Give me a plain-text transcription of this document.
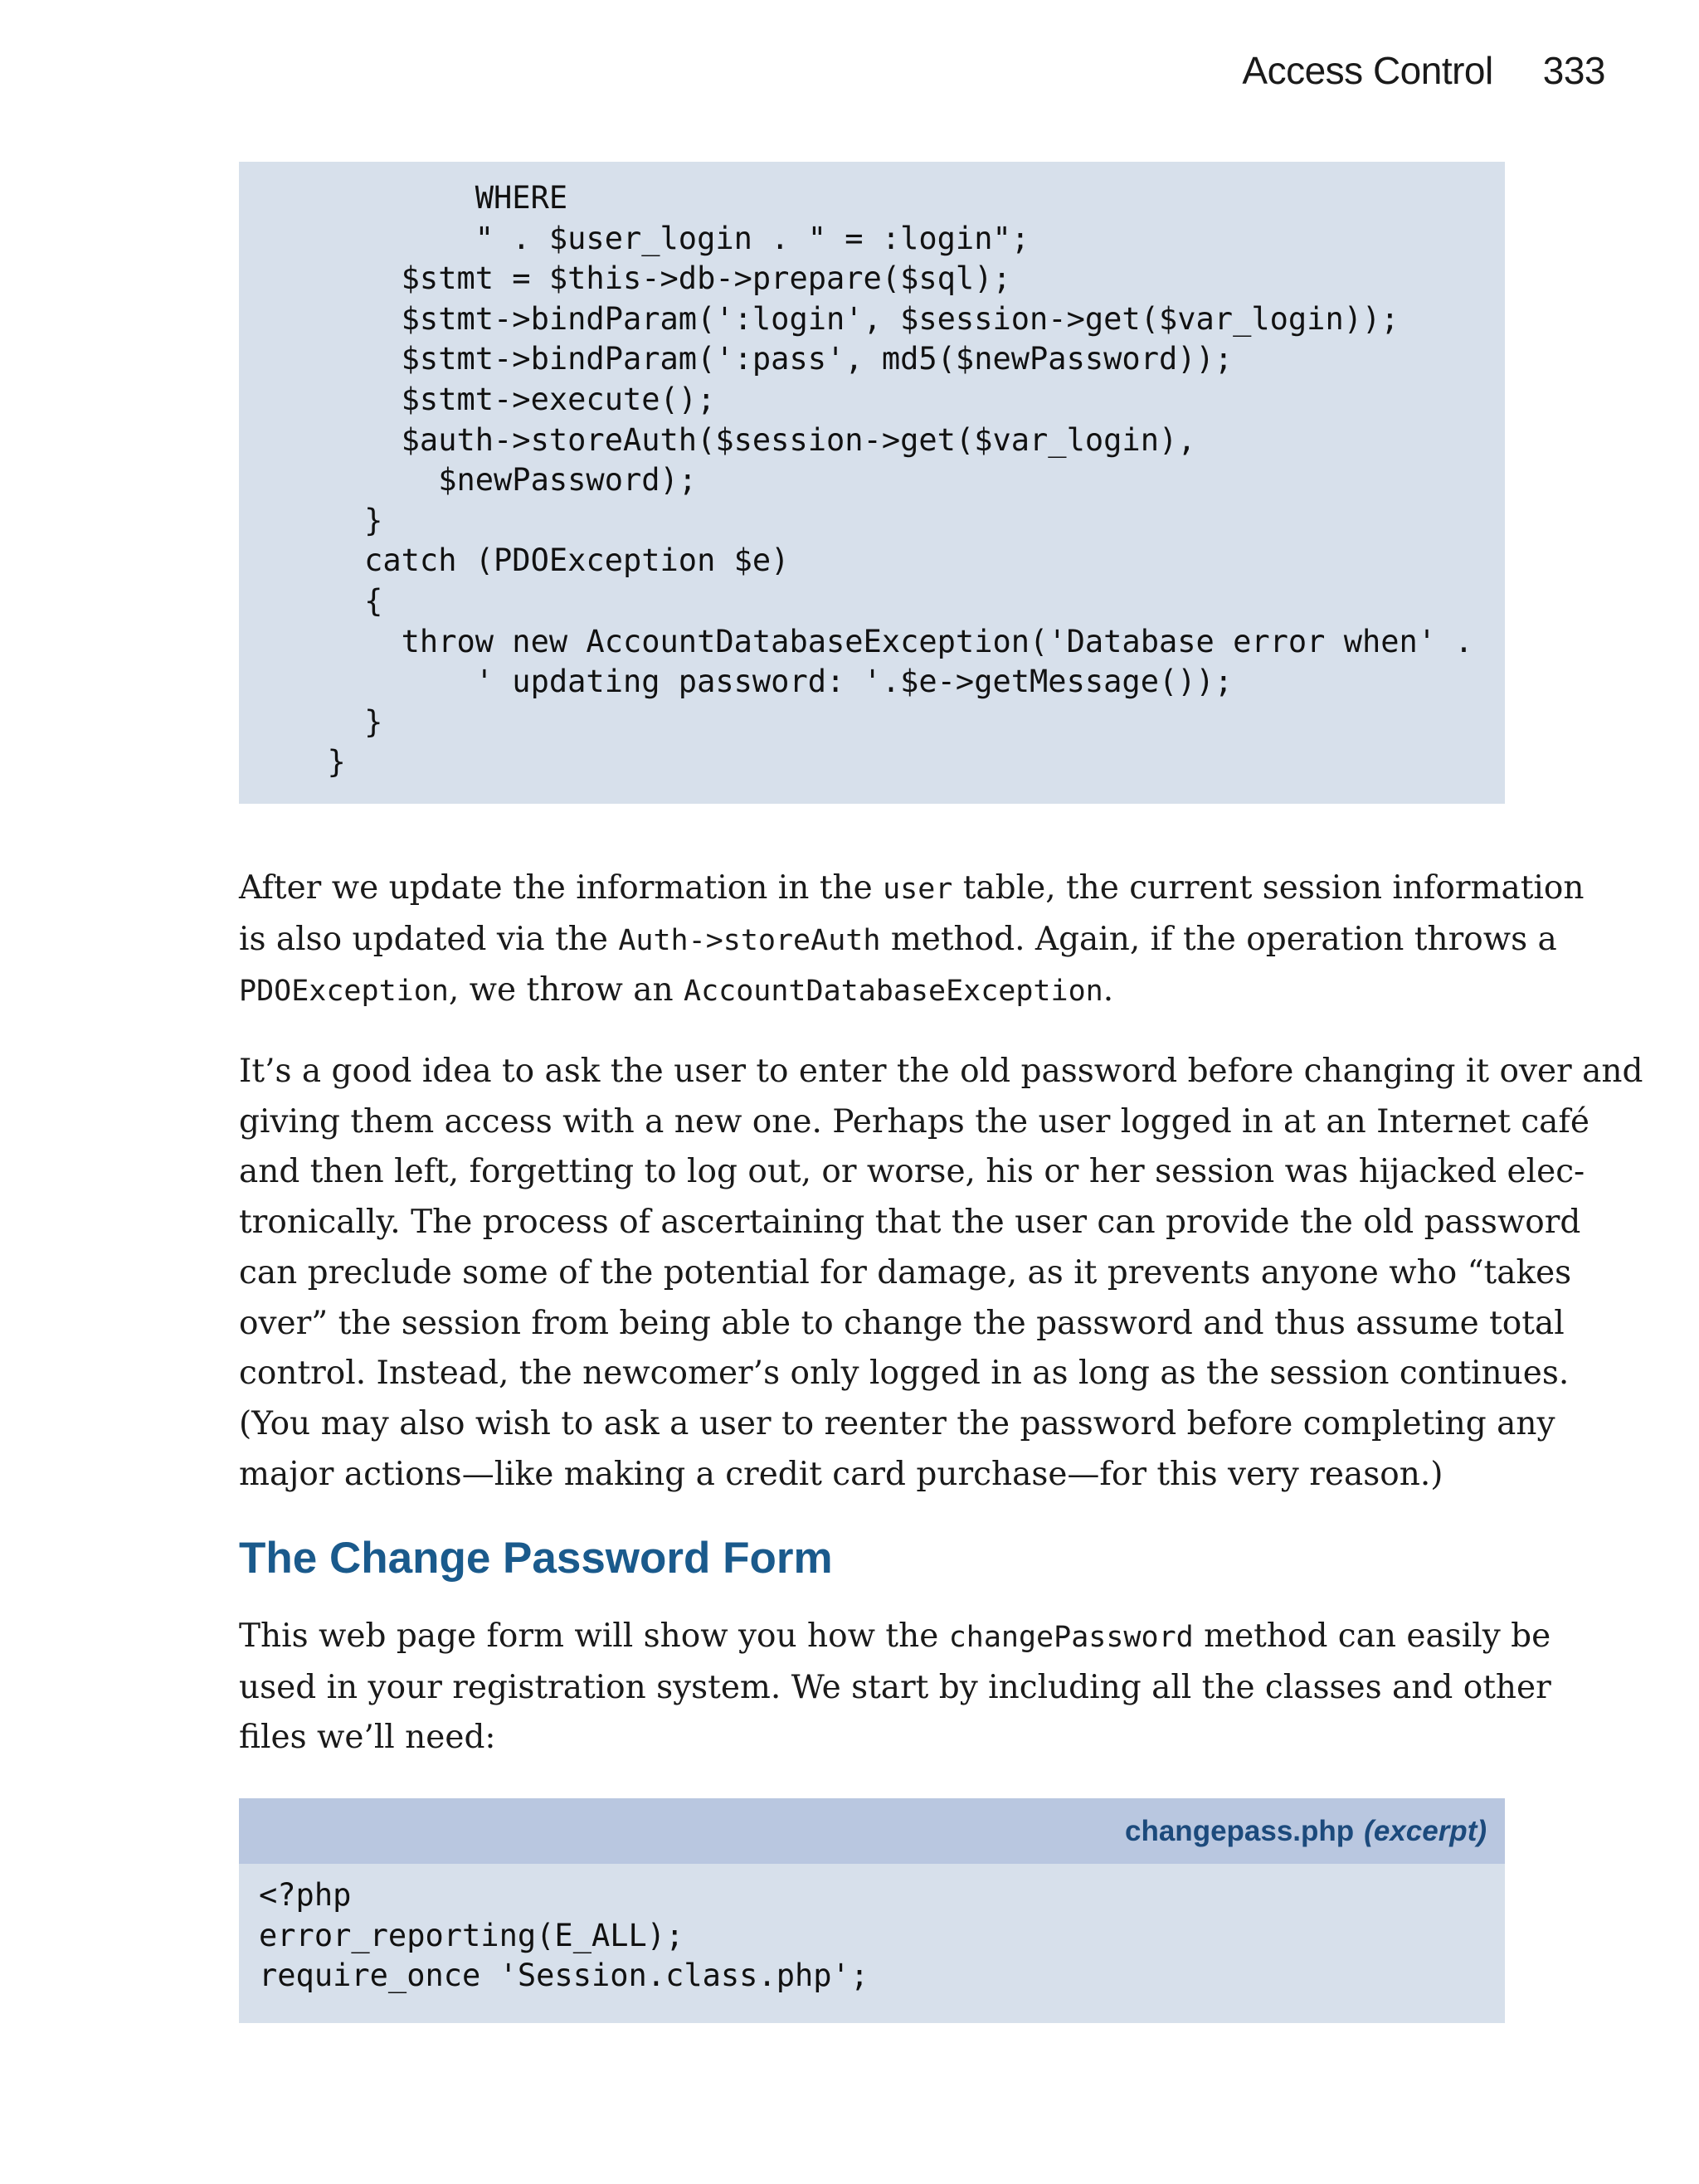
Access Control 333
WHERE
" . $user_login . " = :login";
$stmt = $this->db->prepare($sql);
$stmt->bindParam(':login', $session->get($var_login));
$stmt->bindParam(':pass', md5($newPassword));
$stmt->execute();
$auth->storeAuth($session->get($var_login),
$newPassword);
}
catch (PDOException $e)
{
throw new AccountDatabaseException('Database error when' .
' updating password: '.$e->getMessage());
}
}

After we update the information in the user table, the current session information
is also updated via the Auth->storeAuth method. Again, if the operation throws a
PDOException, we throw an AccountDatabaseException.

It’s a good idea to ask the user to enter the old password before changing it over and
giving them access with a new one. Perhaps the user logged in at an Internet café
and then left, forgetting to log out, or worse, his or her session was hijacked elec-
tronically. The process of ascertaining that the user can provide the old password
can preclude some of the potential for damage, as it prevents anyone who “takes
over” the session from being able to change the password and thus assume total
control. Instead, the newcomer’s only logged in as long as the session continues.
(You may also wish to ask a user to reenter the password before completing any
major actions—like making a credit card purchase—for this very reason.)

The Change Password Form

This web page form will show you how the changePassword method can easily be
used in your registration system. We start by including all the classes and other
files we’ll need:

changepass.php (excerpt)
<?php
error_reporting(E_ALL);
require_once 'Session.class.php';
